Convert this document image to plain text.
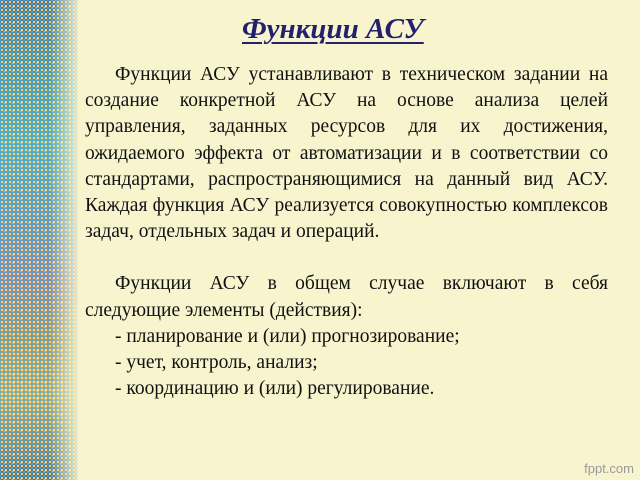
Функции АСУ

Функции АСУ устанавливают в техническом задании на создание конкретной АСУ на основе анализа целей управления, заданных ресурсов для их достижения, ожидаемого эффекта от автоматизации и в соответствии со стандартами, распространяющимися на данный вид АСУ. Каждая функция АСУ реализуется совокупностью комплексов задач, отдельных задач и операций.

Функции АСУ в общем случае включают в себя следующие элементы (действия):

- планирование и (или) прогнозирование;
- учет, контроль, анализ;
- координацию и (или) регулирование.
fppt.com
